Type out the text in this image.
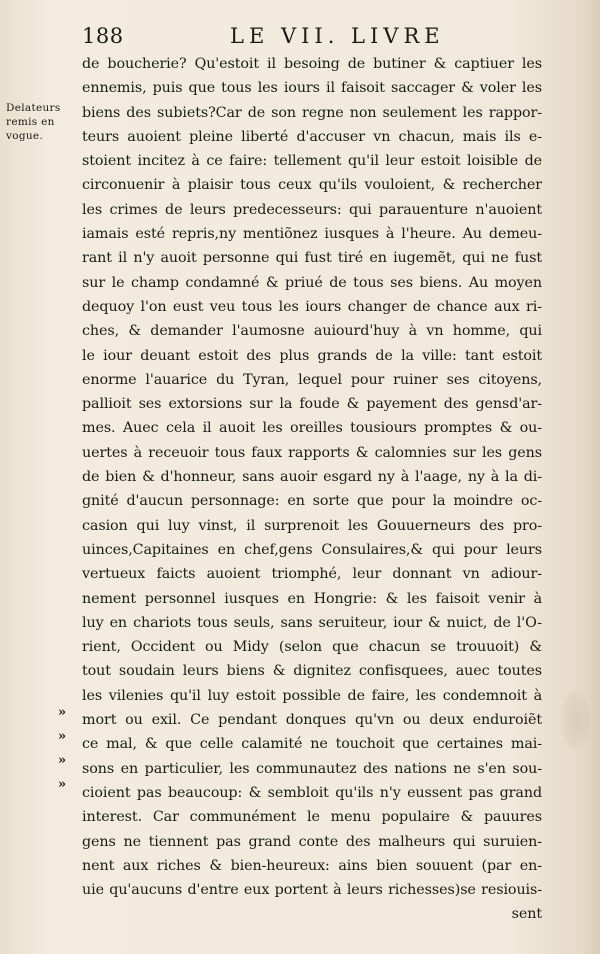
188	LE VII. LIVRE
Delateurs
remis en
vogue.
»
»
»
»
de boucherie? Qu'estoit il besoing de butiner & captiuer les
ennemis, puis que tous les iours il faisoit saccager & voler les
biens des subiets?Car de son regne non seulement les rappor-
teurs auoient pleine liberté d'accuser vn chacun, mais ils e-
stoient incitez à ce faire: tellement qu'il leur estoit loisible de
circonuenir à plaisir tous ceux qu'ils vouloient, & rechercher
les crimes de leurs predecesseurs: qui parauenture n'auoient
iamais esté repris,ny mentiõnez iusques à l'heure. Au demeu-
rant il n'y auoit personne qui fust tiré en iugemẽt, qui ne fust
sur le champ condamné & priué de tous ses biens. Au moyen
dequoy l'on eust veu tous les iours changer de chance aux ri-
ches, & demander l'aumosne auiourd'huy à vn homme, qui
le iour deuant estoit des plus grands de la ville: tant estoit
enorme l'auarice du Tyran, lequel pour ruiner ses citoyens,
pallioit ses extorsions sur la foude & payement des gensd'ar-
mes. Auec cela il auoit les oreilles tousiours promptes & ou-
uertes à receuoir tous faux rapports & calomnies sur les gens
de bien & d'honneur, sans auoir esgard ny à l'aage, ny à la di-
gnité d'aucun personnage: en sorte que pour la moindre oc-
casion qui luy vinst, il surprenoit les Gouuerneurs des pro-
uinces,Capitaines en chef,gens Consulaires,& qui pour leurs
vertueux faicts auoient triomphé, leur donnant vn adiour-
nement personnel iusques en Hongrie: & les faisoit venir à
luy en chariots tous seuls, sans seruiteur, iour & nuict, de l'O-
rient, Occident ou Midy (selon que chacun se trouuoit) &
tout soudain leurs biens & dignitez confisquees, auec toutes
les vilenies qu'il luy estoit possible de faire, les condemnoit à
mort ou exil. Ce pendant donques qu'vn ou deux enduroiẽt
ce mal, & que celle calamité ne touchoit que certaines mai-
sons en particulier, les communautez des nations ne s'en sou-
cioient pas beaucoup: & sembloit qu'ils n'y eussent pas grand
interest. Car communément le menu populaire & pauures
gens ne tiennent pas grand conte des malheurs qui suruien-
nent aux riches & bien-heureux: ains bien souuent (par en-
uie qu'aucuns d'entre eux portent à leurs richesses)se resiouis-
sent
